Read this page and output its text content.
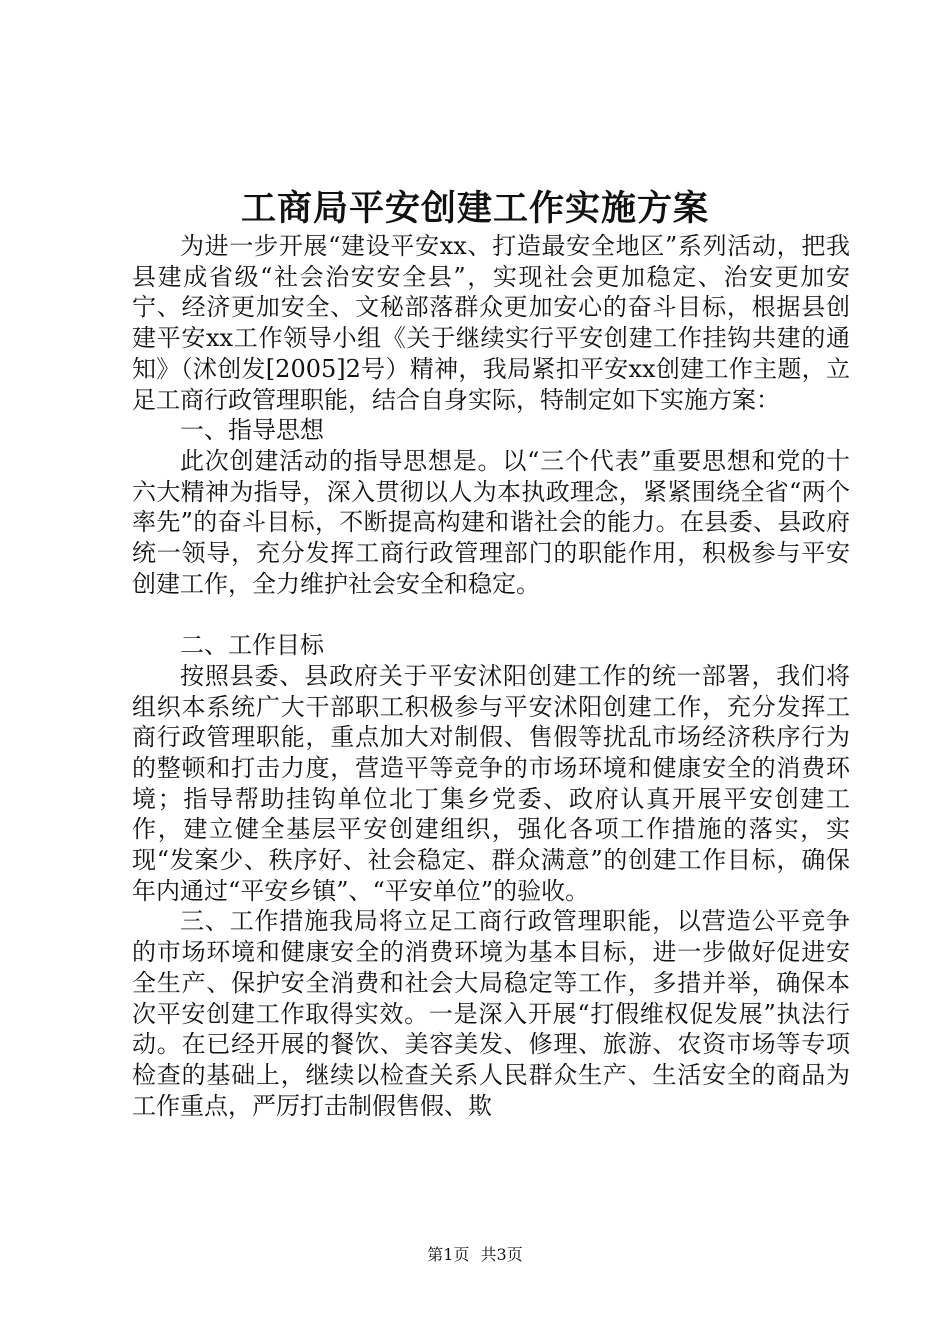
工商局平安创建工作实施方案

为进一步开展“建设平安xx、打造最安全地区”系列活动，把我县建成省级“社会治安安全县”，实现社会更加稳定、治安更加安宁、经济更加安全、文秘部落群众更加安心的奋斗目标，根据县创建平安xx工作领导小组《关于继续实行平安创建工作挂钩共建的通知》（沭创发[2005]2号）精神，我局紧扣平安xx创建工作主题，立足工商行政管理职能，结合自身实际，特制定如下实施方案：

一、指导思想

此次创建活动的指导思想是。以“三个代表”重要思想和党的十六大精神为指导，深入贯彻以人为本执政理念，紧紧围绕全省“两个率先”的奋斗目标，不断提高构建和谐社会的能力。在县委、县政府统一领导，充分发挥工商行政管理部门的职能作用，积极参与平安创建工作，全力维护社会安全和稳定。

二、工作目标

按照县委、县政府关于平安沭阳创建工作的统一部署，我们将组织本系统广大干部职工积极参与平安沭阳创建工作，充分发挥工商行政管理职能，重点加大对制假、售假等扰乱市场经济秩序行为的整顿和打击力度，营造平等竞争的市场环境和健康安全的消费环境；指导帮助挂钩单位北丁集乡党委、政府认真开展平安创建工作，建立健全基层平安创建组织，强化各项工作措施的落实，实现“发案少、秩序好、社会稳定、群众满意”的创建工作目标，确保年内通过“平安乡镇”、“平安单位”的验收。

三、工作措施我局将立足工商行政管理职能，以营造公平竞争的市场环境和健康安全的消费环境为基本目标，进一步做好促进安全生产、保护安全消费和社会大局稳定等工作，多措并举，确保本次平安创建工作取得实效。一是深入开展“打假维权促发展”执法行动。在已经开展的餐饮、美容美发、修理、旅游、农资市场等专项检查的基础上，继续以检查关系人民群众生产、生活安全的商品为工作重点，严厉打击制假售假、欺

第1页 共3页
